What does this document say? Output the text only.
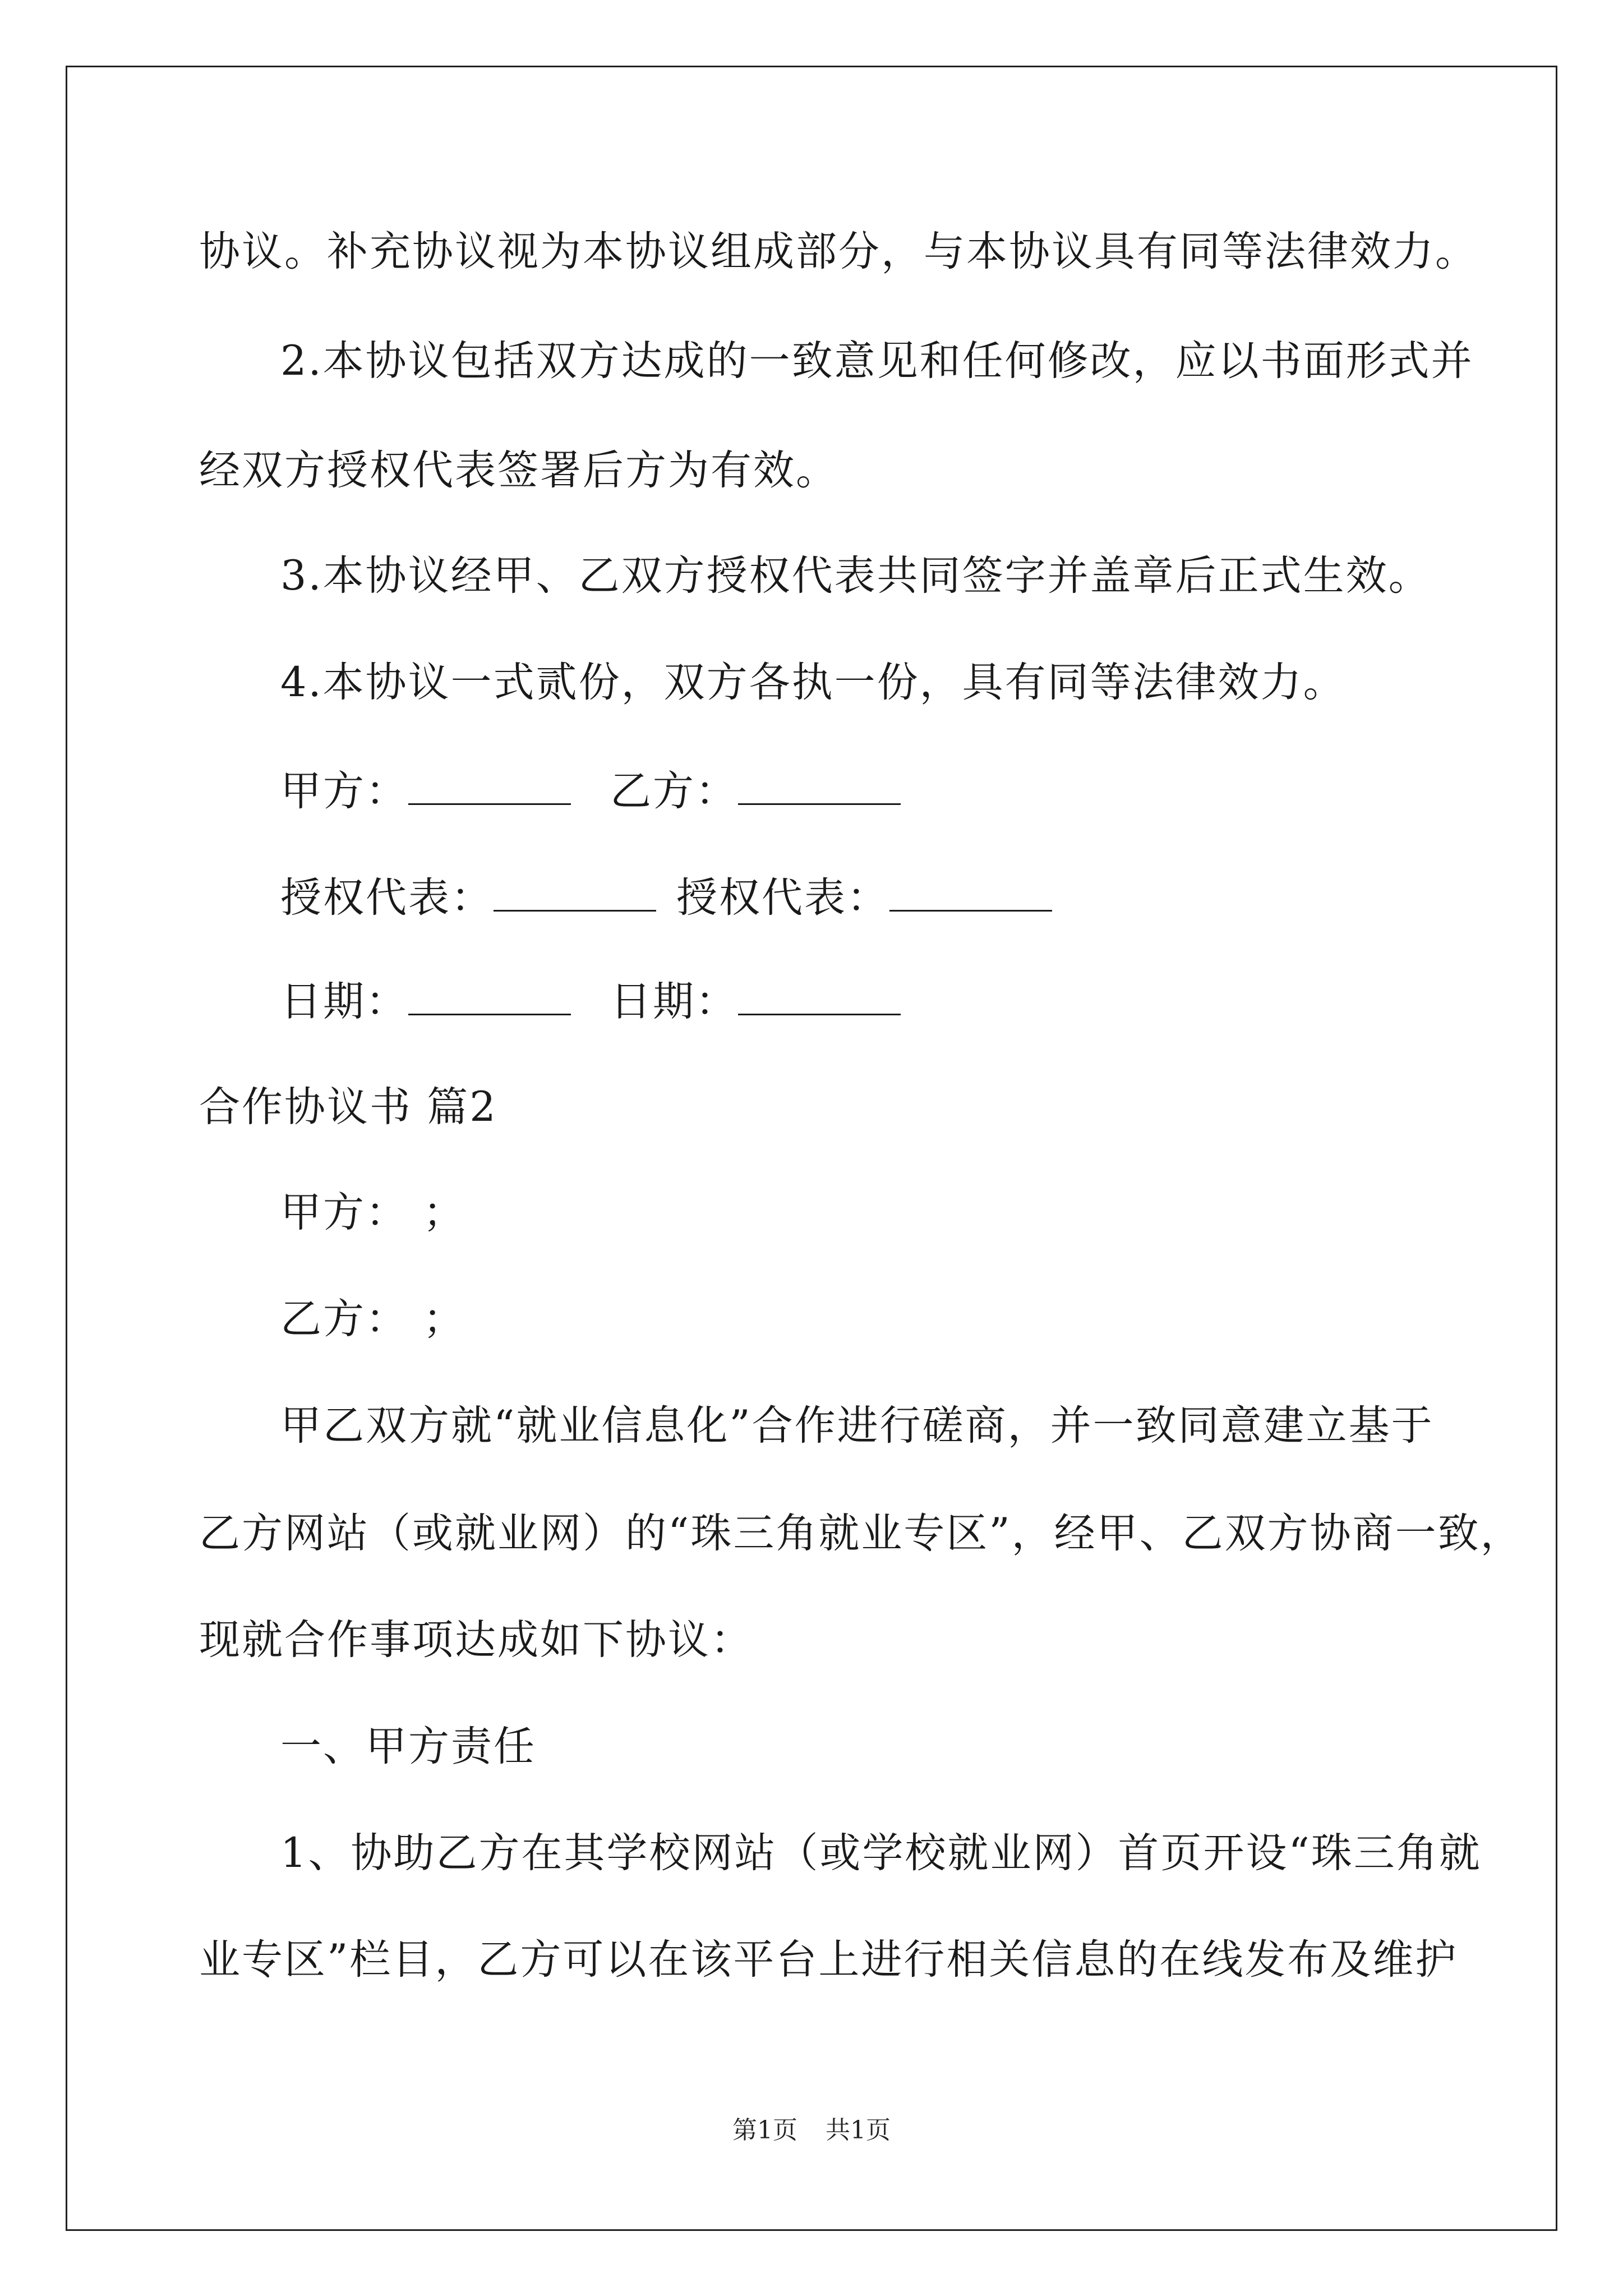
协议。补充协议视为本协议组成部分，与本协议具有同等法律效力。
2.本协议包括双方达成的一致意见和任何修改，应以书面形式并
经双方授权代表签署后方为有效。
3.本协议经甲、乙双方授权代表共同签字并盖章后正式生效。
4.本协议一式贰份，双方各执一份，具有同等法律效力。
甲方：	乙方：
授权代表：	授权代表：
日期：	日期：
合作协议书 篇2
甲方： ；
乙方： ；
甲乙双方就“就业信息化”合作进行磋商，并一致同意建立基于
乙方网站（或就业网）的“珠三角就业专区”，经甲、乙双方协商一致，
现就合作事项达成如下协议：
一、甲方责任
1、协助乙方在其学校网站（或学校就业网）首页开设“珠三角就
业专区”栏目，乙方可以在该平台上进行相关信息的在线发布及维护
第1页 共1页
